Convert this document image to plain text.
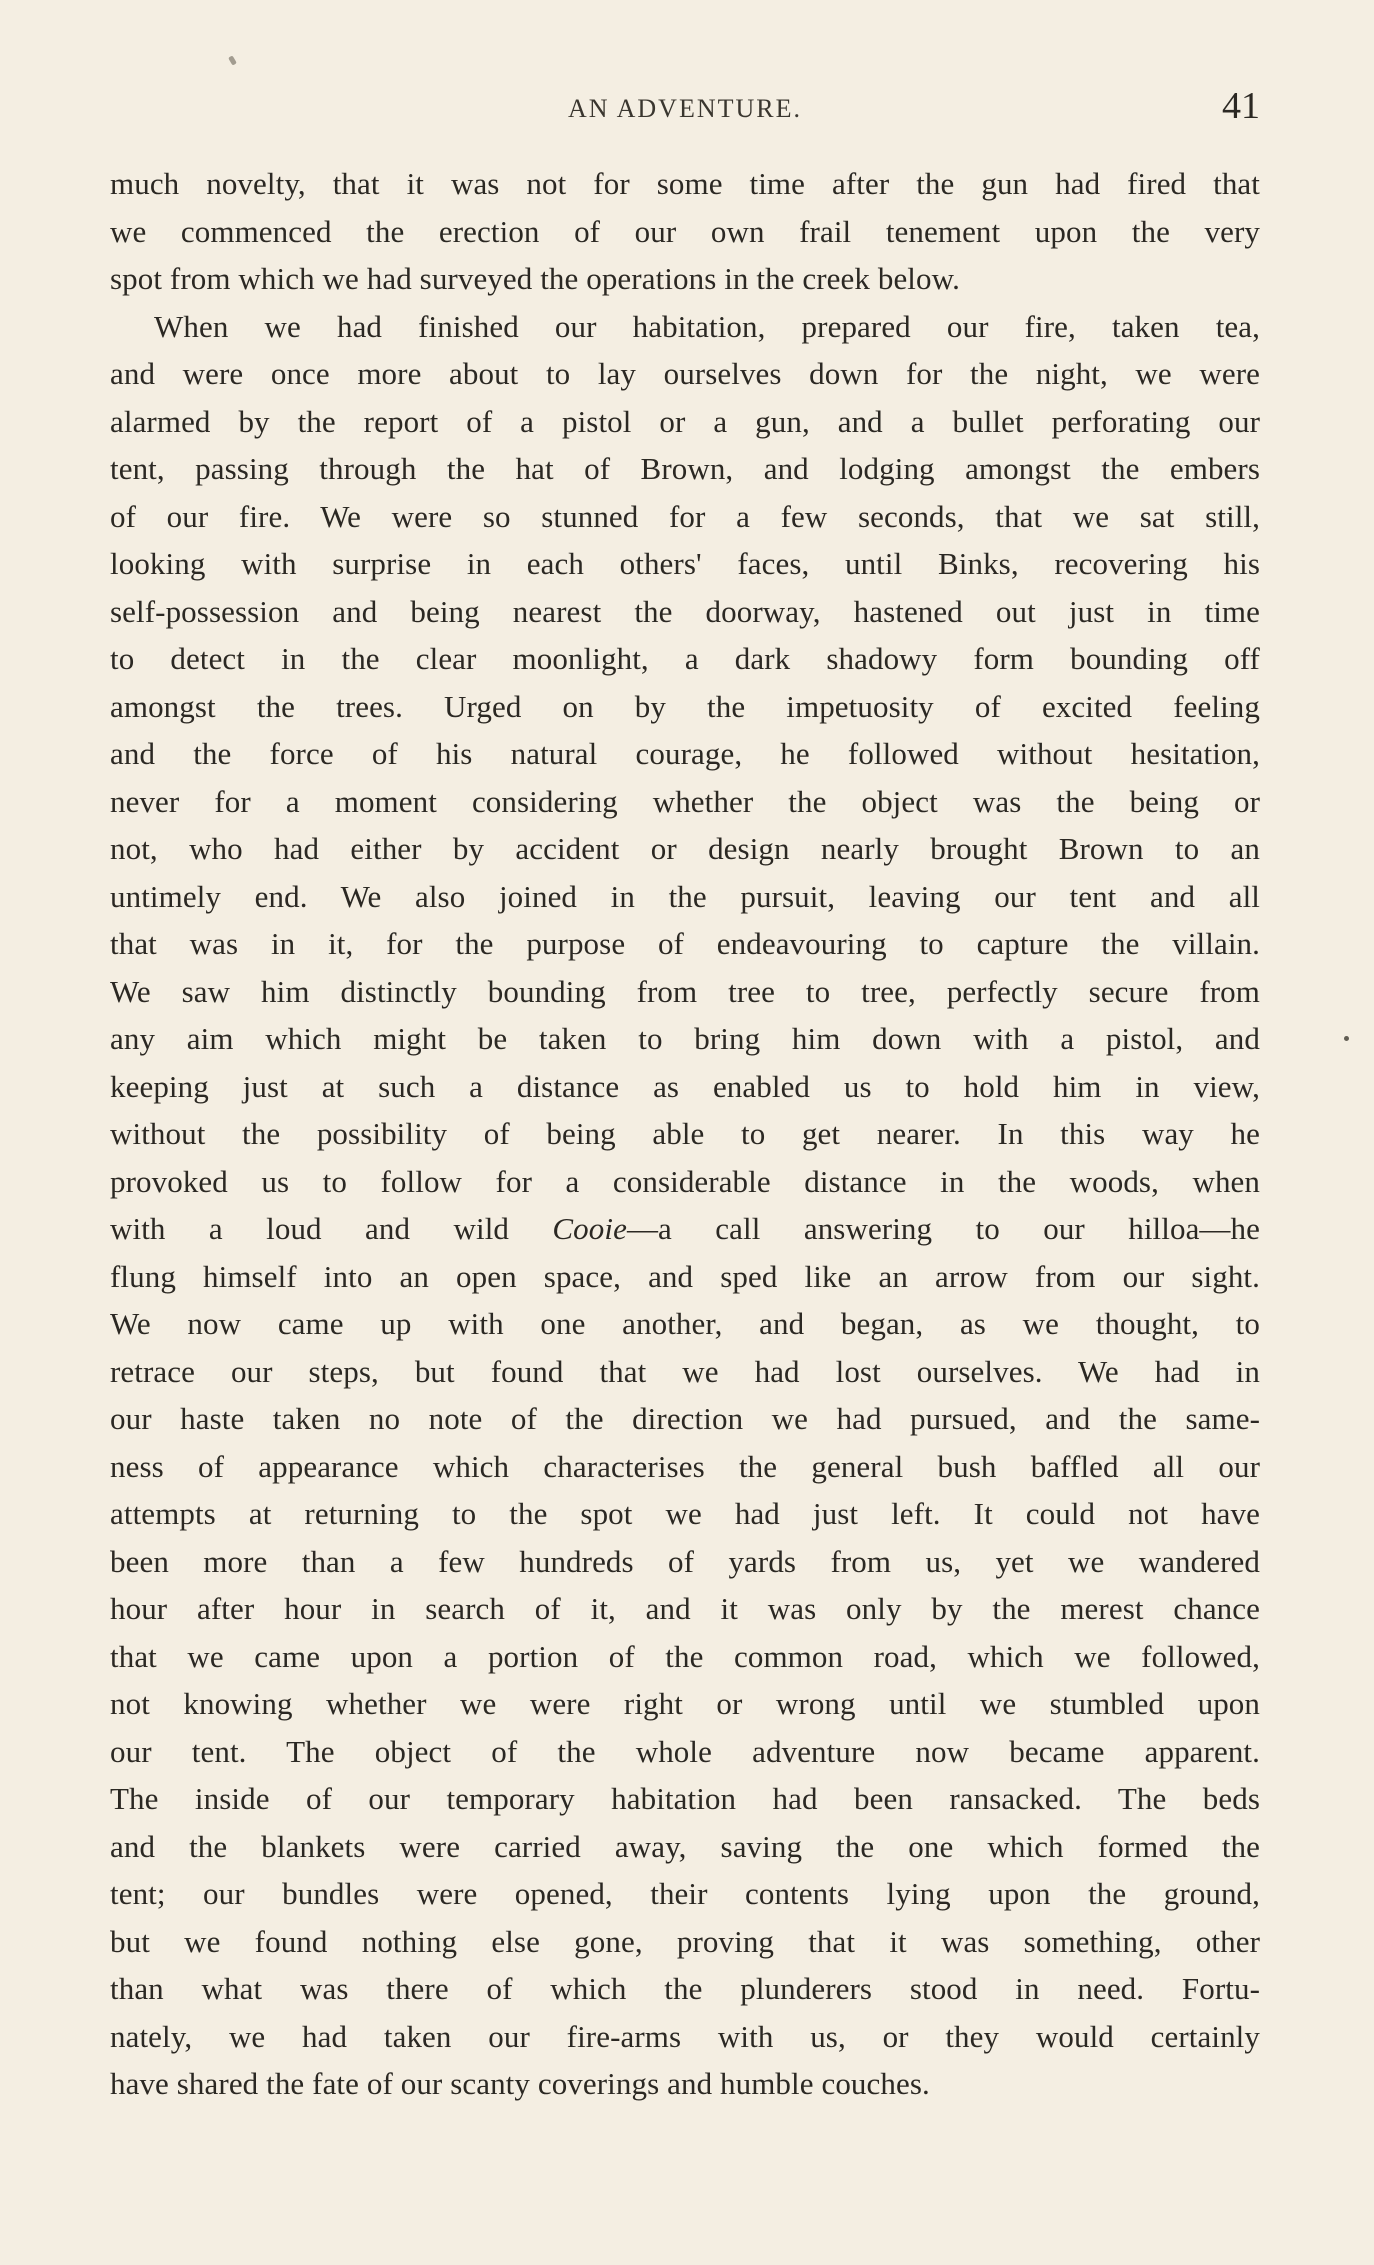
AN ADVENTURE.	41
much novelty, that it was not for some time after the gun had fired that
we commenced the erection of our own frail tenement upon the very
spot from which we had surveyed the operations in the creek below.
When we had finished our habitation, prepared our fire, taken tea,
and were once more about to lay ourselves down for the night, we were
alarmed by the report of a pistol or a gun, and a bullet perforating our
tent, passing through the hat of Brown, and lodging amongst the embers
of our fire. We were so stunned for a few seconds, that we sat still,
looking with surprise in each others' faces, until Binks, recovering his
self-possession and being nearest the doorway, hastened out just in time
to detect in the clear moonlight, a dark shadowy form bounding off
amongst the trees. Urged on by the impetuosity of excited feeling
and the force of his natural courage, he followed without hesitation,
never for a moment considering whether the object was the being or
not, who had either by accident or design nearly brought Brown to an
untimely end. We also joined in the pursuit, leaving our tent and all
that was in it, for the purpose of endeavouring to capture the villain.
We saw him distinctly bounding from tree to tree, perfectly secure from
any aim which might be taken to bring him down with a pistol, and
keeping just at such a distance as enabled us to hold him in view,
without the possibility of being able to get nearer. In this way he
provoked us to follow for a considerable distance in the woods, when
with a loud and wild Cooie—a call answering to our hilloa—he
flung himself into an open space, and sped like an arrow from our sight.
We now came up with one another, and began, as we thought, to
retrace our steps, but found that we had lost ourselves. We had in
our haste taken no note of the direction we had pursued, and the same-
ness of appearance which characterises the general bush baffled all our
attempts at returning to the spot we had just left. It could not have
been more than a few hundreds of yards from us, yet we wandered
hour after hour in search of it, and it was only by the merest chance
that we came upon a portion of the common road, which we followed,
not knowing whether we were right or wrong until we stumbled upon
our tent. The object of the whole adventure now became apparent.
The inside of our temporary habitation had been ransacked. The beds
and the blankets were carried away, saving the one which formed the
tent; our bundles were opened, their contents lying upon the ground,
but we found nothing else gone, proving that it was something, other
than what was there of which the plunderers stood in need. Fortu-
nately, we had taken our fire-arms with us, or they would certainly
have shared the fate of our scanty coverings and humble couches.
